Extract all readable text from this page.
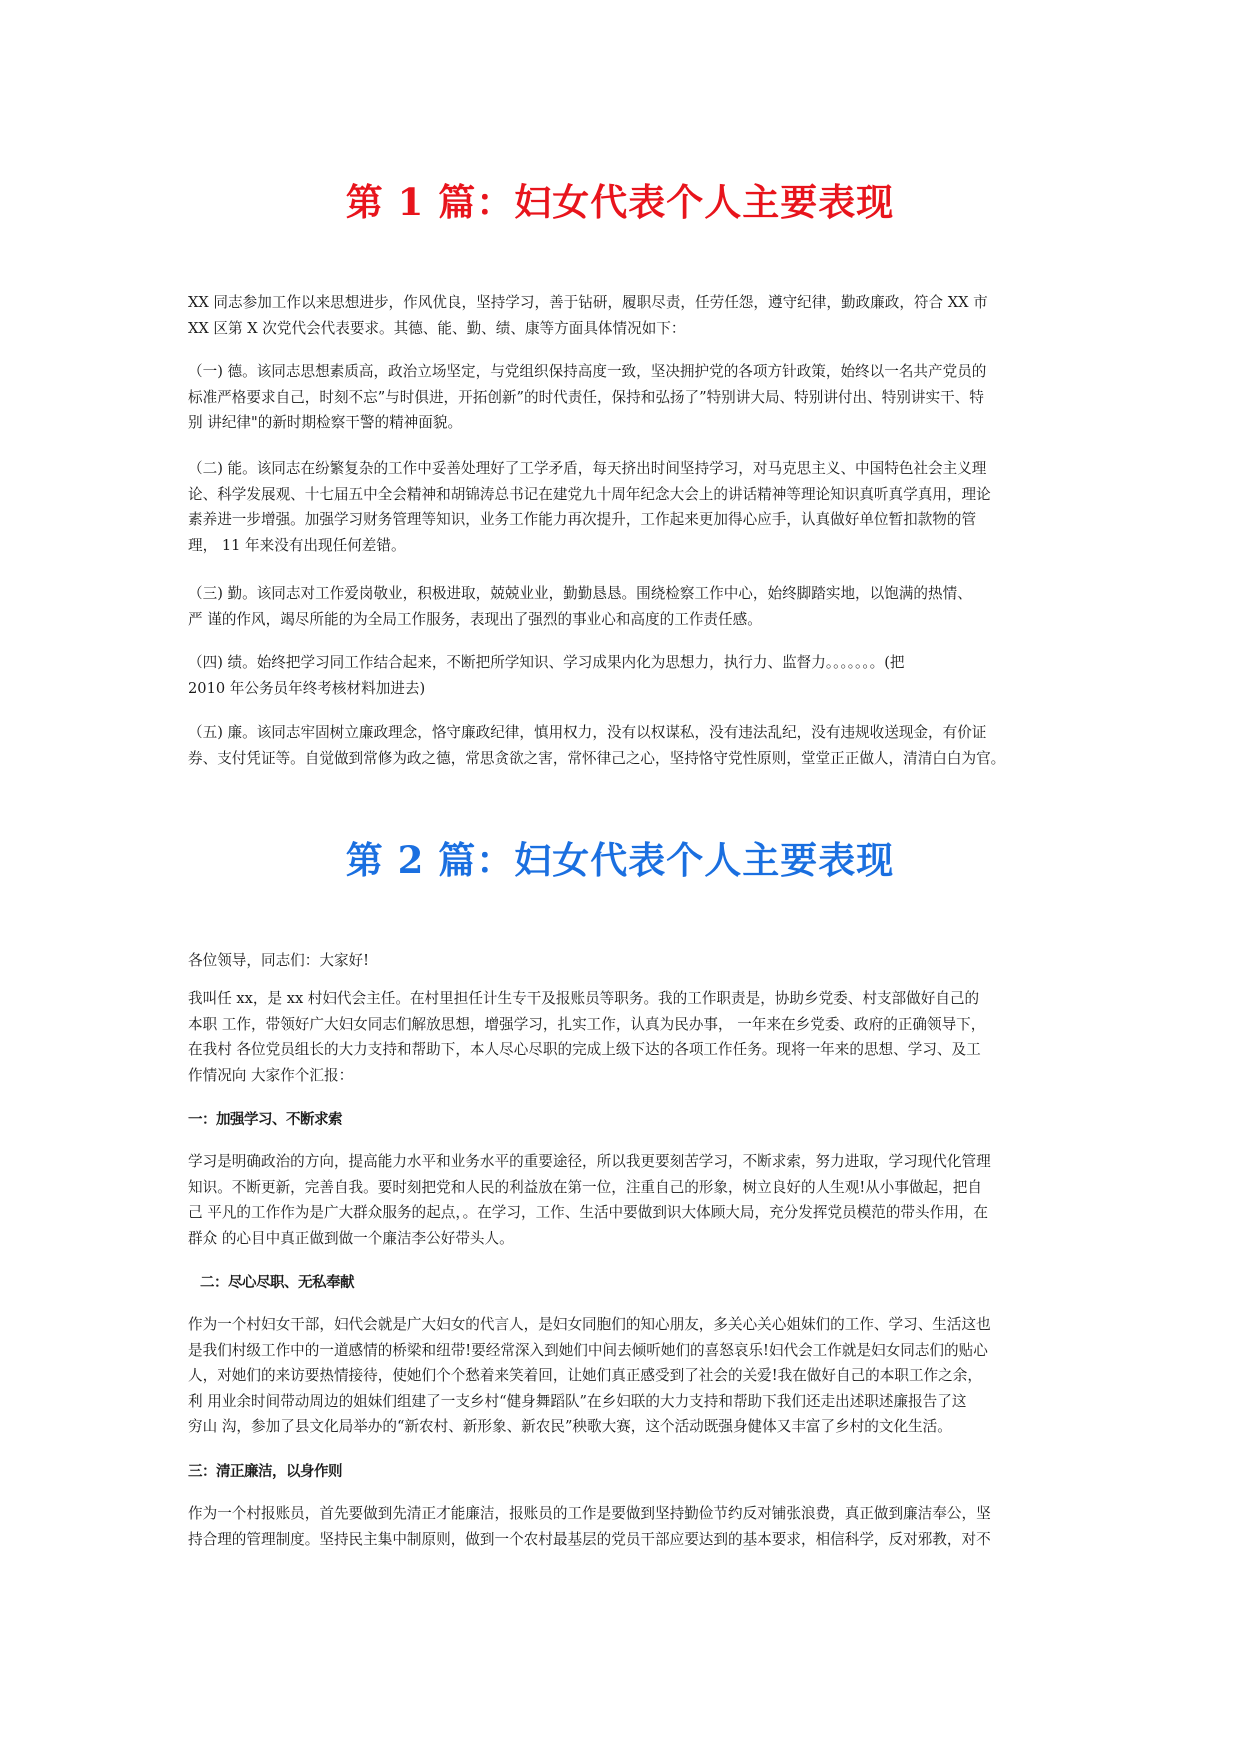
第 1 篇：妇女代表个人主要表现
XX 同志参加工作以来思想进步，作风优良，坚持学习，善于钻研，履职尽责，任劳任怨，遵守纪律，勤政廉政，符合 XX 市
XX 区第 X 次党代会代表要求。其德、能、勤、绩、康等方面具体情况如下：
（一) 德。该同志思想素质高，政治立场坚定，与党组织保持高度一致，坚决拥护党的各项方针政策，始终以一名共产党员的
标准严格要求自己，时刻不忘”与时俱进，开拓创新”的时代责任，保持和弘扬了”特别讲大局、特别讲付出、特别讲实干、特
别 讲纪律"的新时期检察干警的精神面貌。
（二) 能。该同志在纷繁复杂的工作中妥善处理好了工学矛盾，每天挤出时间坚持学习，对马克思主义、中国特色社会主义理
论、科学发展观、十七届五中全会精神和胡锦涛总书记在建党九十周年纪念大会上的讲话精神等理论知识真听真学真用，理论
素养进一步增强。加强学习财务管理等知识，业务工作能力再次提升，工作起来更加得心应手，认真做好单位暂扣款物的管
理， 11 年来没有出现任何差错。
（三) 勤。该同志对工作爱岗敬业，积极进取，兢兢业业，勤勤恳恳。围绕检察工作中心，始终脚踏实地，以饱满的热情、
严 谨的作风，竭尽所能的为全局工作服务，表现出了强烈的事业心和高度的工作责任感。
（四) 绩。始终把学习同工作结合起来，不断把所学知识、学习成果内化为思想力，执行力、监督力。。。。。。。(把
2010 年公务员年终考核材料加进去)
（五) 廉。该同志牢固树立廉政理念，恪守廉政纪律，慎用权力，没有以权谋私，没有违法乱纪，没有违规收送现金，有价证
券、支付凭证等。自觉做到常修为政之德，常思贪欲之害，常怀律己之心，坚持恪守党性原则，堂堂正正做人，清清白白为官。
第 2 篇：妇女代表个人主要表现
各位领导，同志们：大家好!
我叫任 xx，是 xx 村妇代会主任。在村里担任计生专干及报账员等职务。我的工作职责是，协助乡党委、村支部做好自己的
本职 工作，带领好广大妇女同志们解放思想，增强学习，扎实工作，认真为民办事， 一年来在乡党委、政府的正确领导下，
在我村 各位党员组长的大力支持和帮助下，本人尽心尽职的完成上级下达的各项工作任务。现将一年来的思想、学习、及工
作情况向 大家作个汇报：
一：加强学习、不断求索
学习是明确政治的方向，提高能力水平和业务水平的重要途径，所以我更要刻苦学习，不断求索，努力进取，学习现代化管理
知识。不断更新，完善自我。要时刻把党和人民的利益放在第一位，注重自己的形象，树立良好的人生观!从小事做起，把自
己 平凡的工作作为是广大群众服务的起点，。在学习，工作、生活中要做到识大体顾大局，充分发挥党员模范的带头作用，在
群众 的心目中真正做到做一个廉洁李公好带头人。
二：尽心尽职、无私奉献
作为一个村妇女干部，妇代会就是广大妇女的代言人，是妇女同胞们的知心朋友，多关心关心姐妹们的工作、学习、生活这也
是我们村级工作中的一道感情的桥梁和纽带!要经常深入到她们中间去倾听她们的喜怒哀乐!妇代会工作就是妇女同志们的贴心
人，对她们的来访要热情接待，使她们个个愁着来笑着回，让她们真正感受到了社会的关爱!我在做好自己的本职工作之余，
利 用业余时间带动周边的姐妹们组建了一支乡村“健身舞蹈队”在乡妇联的大力支持和帮助下我们还走出述职述廉报告了这
穷山 沟，参加了县文化局举办的“新农村、新形象、新农民”秧歌大赛，这个活动既强身健体又丰富了乡村的文化生活。
三：清正廉洁，以身作则
作为一个村报账员，首先要做到先清正才能廉洁，报账员的工作是要做到坚持勤俭节约反对铺张浪费，真正做到廉洁奉公，坚
持合理的管理制度。坚持民主集中制原则，做到一个农村最基层的党员干部应要达到的基本要求，相信科学，反对邪教，对不
